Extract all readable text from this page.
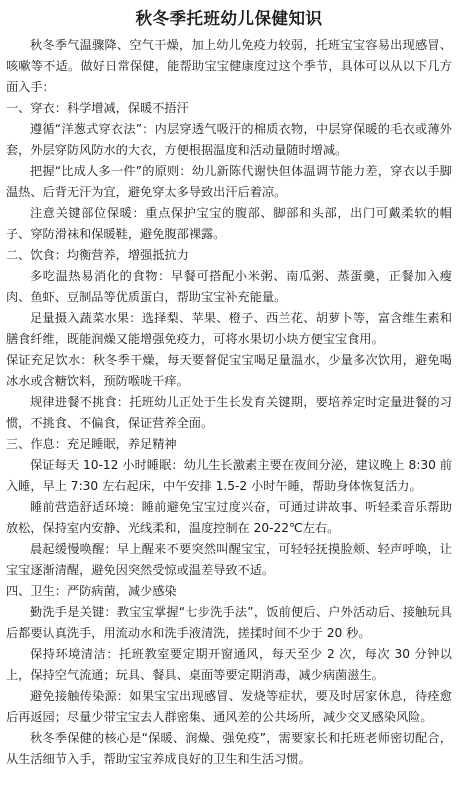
秋冬季托班幼儿保健知识

秋冬季气温骤降、空气干燥，加上幼儿免疫力较弱，托班宝宝容易出现感冒、咳嗽等不适。做好日常保健，能帮助宝宝健康度过这个季节，具体可以从以下几方面入手：

一、穿衣：科学增减，保暖不捂汗

遵循“洋葱式穿衣法”：内层穿透气吸汗的棉质衣物，中层穿保暖的毛衣或薄外套，外层穿防风防水的大衣，方便根据温度和活动量随时增减。

把握“比成人多一件”的原则：幼儿新陈代谢快但体温调节能力差，穿衣以手脚温热、后背无汗为宜，避免穿太多导致出汗后着凉。

注意关键部位保暖：重点保护宝宝的腹部、脚部和头部，出门可戴柔软的帽子、穿防滑袜和保暖鞋，避免腹部裸露。

二、饮食：均衡营养，增强抵抗力

多吃温热易消化的食物：早餐可搭配小米粥、南瓜粥、蒸蛋羹，正餐加入瘦肉、鱼虾、豆制品等优质蛋白，帮助宝宝补充能量。

足量摄入蔬菜水果：选择梨、苹果、橙子、西兰花、胡萝卜等，富含维生素和膳食纤维，既能润燥又能增强免疫力，可将水果切小块方便宝宝食用。

保证充足饮水：秋冬季干燥，每天要督促宝宝喝足量温水，少量多次饮用，避免喝冰水或含糖饮料，预防喉咙干痒。

规律进餐不挑食：托班幼儿正处于生长发育关键期，要培养定时定量进餐的习惯，不挑食、不偏食，保证营养全面。

三、作息：充足睡眠，养足精神

保证每天 10-12 小时睡眠：幼儿生长激素主要在夜间分泌，建议晚上 8:30 前入睡，早上 7:30 左右起床，中午安排 1.5-2 小时午睡，帮助身体恢复活力。

睡前营造舒适环境：睡前避免宝宝过度兴奋，可通过讲故事、听轻柔音乐帮助放松，保持室内安静、光线柔和，温度控制在 20-22℃左右。

晨起缓慢唤醒：早上醒来不要突然叫醒宝宝，可轻轻抚摸脸颊、轻声呼唤，让宝宝逐渐清醒，避免因突然受惊或温差导致不适。

四、卫生：严防病菌，减少感染

勤洗手是关键：教宝宝掌握“七步洗手法”，饭前便后、户外活动后、接触玩具后都要认真洗手，用流动水和洗手液清洗，搓揉时间不少于 20 秒。

保持环境清洁：托班教室要定期开窗通风，每天至少 2 次，每次 30 分钟以上，保持空气流通；玩具、餐具、桌面等要定期消毒，减少病菌滋生。

避免接触传染源：如果宝宝出现感冒、发烧等症状，要及时居家休息，待痊愈后再返园；尽量少带宝宝去人群密集、通风差的公共场所，减少交叉感染风险。

秋冬季保健的核心是“保暖、润燥、强免疫”，需要家长和托班老师密切配合，从生活细节入手，帮助宝宝养成良好的卫生和生活习惯。
